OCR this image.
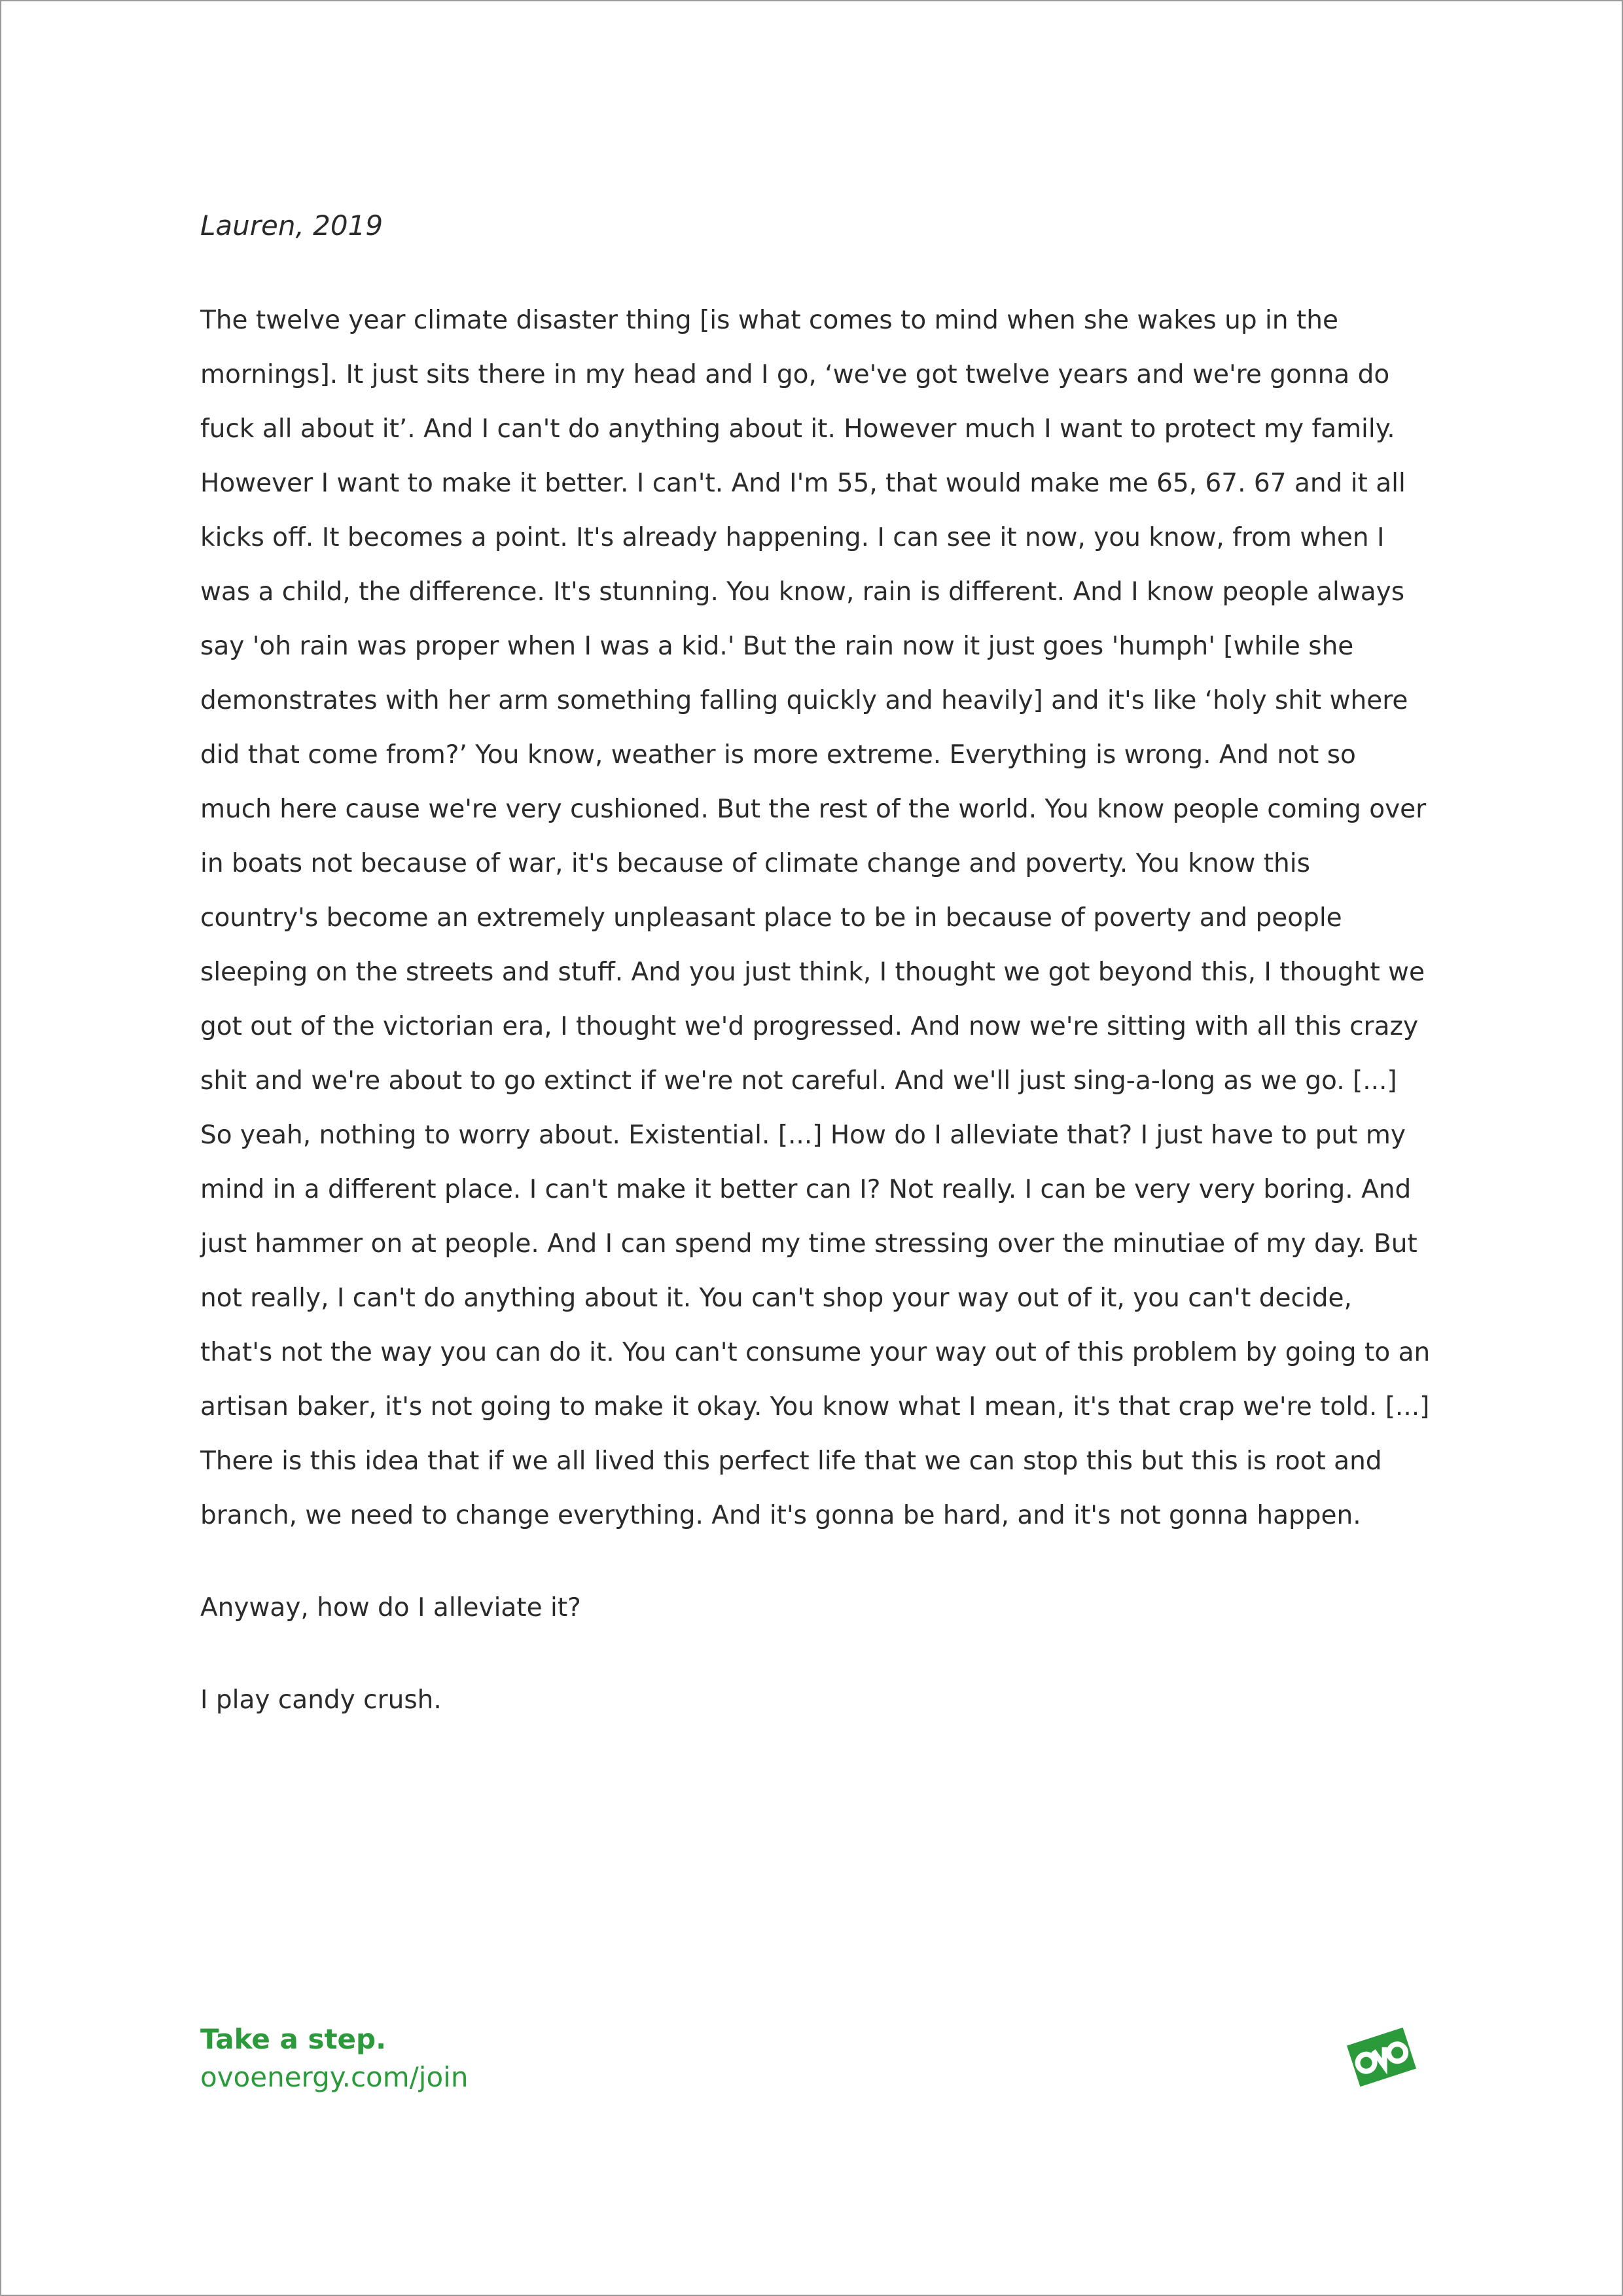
Lauren, 2019

The twelve year climate disaster thing [is what comes to mind when she wakes up in the mornings]. It just sits there in my head and I go, ‘we've got twelve years and we're gonna do fuck all about it’. And I can't do anything about it. However much I want to protect my family. However I want to make it better. I can't. And I'm 55, that would make me 65, 67. 67 and it all kicks off. It becomes a point. It's already happening. I can see it now, you know, from when I was a child, the difference. It's stunning. You know, rain is different. And I know people always say 'oh rain was proper when I was a kid.' But the rain now it just goes 'humph' [while she demonstrates with her arm something falling quickly and heavily] and it's like ‘holy shit where did that come from?’ You know, weather is more extreme. Everything is wrong. And not so much here cause we're very cushioned. But the rest of the world. You know people coming over in boats not because of war, it's because of climate change and poverty. You know this country's become an extremely unpleasant place to be in because of poverty and people sleeping on the streets and stuff. And you just think, I thought we got beyond this, I thought we got out of the victorian era, I thought we'd progressed. And now we're sitting with all this crazy shit and we're about to go extinct if we're not careful. And we'll just sing-a-long as we go. [...] So yeah, nothing to worry about. Existential. [...] How do I alleviate that? I just have to put my mind in a different place. I can't make it better can I? Not really. I can be very very boring. And just hammer on at people. And I can spend my time stressing over the minutiae of my day. But not really, I can't do anything about it. You can't shop your way out of it, you can't decide, that's not the way you can do it. You can't consume your way out of this problem by going to an artisan baker, it's not going to make it okay. You know what I mean, it's that crap we're told. [...] There is this idea that if we all lived this perfect life that we can stop this but this is root and branch, we need to change everything. And it's gonna be hard, and it's not gonna happen.

Anyway, how do I alleviate it?

I play candy crush.

Take a step.
ovoenergy.com/join
